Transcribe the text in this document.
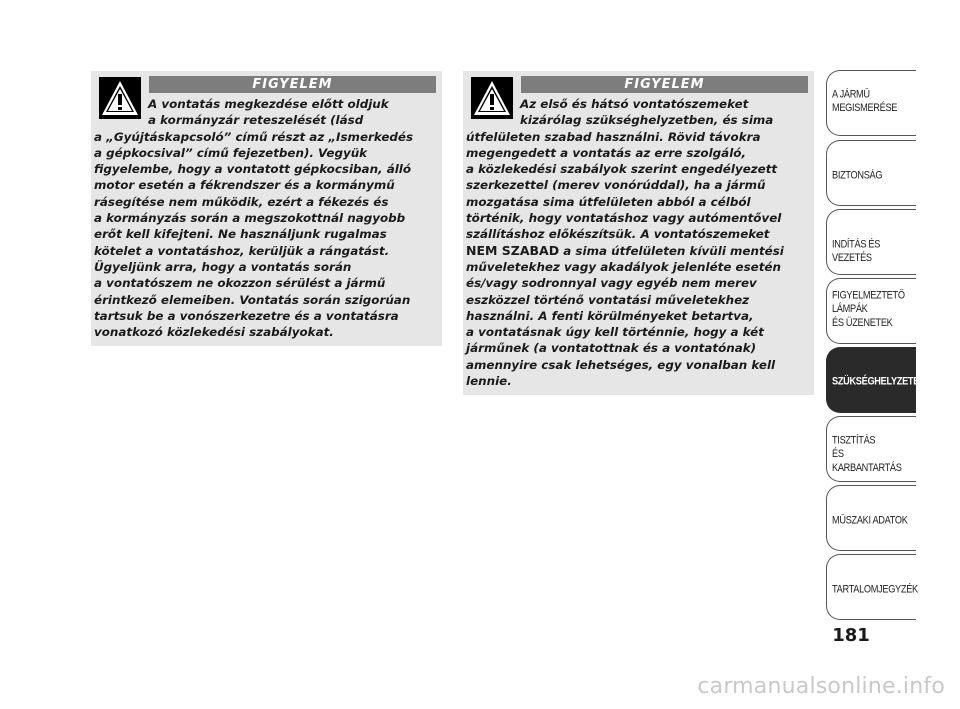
FIGYELEM
A vontatás megkezdése előtt oldjuk
a kormányzár reteszelését (lásd
a „Gyújtáskapcsoló” című részt az „Ismerkedés
a gépkocsival” című fejezetben). Vegyük
figyelembe, hogy a vontatott gépkocsiban, álló
motor esetén a fékrendszer és a kormánymű
rásegítése nem működik, ezért a fékezés és
a kormányzás során a megszokottnál nagyobb
erőt kell kifejteni. Ne használjunk rugalmas
kötelet a vontatáshoz, kerüljük a rángatást.
Ügyeljünk arra, hogy a vontatás során
a vontatószem ne okozzon sérülést a jármű
érintkező elemeiben. Vontatás során szigorúan
tartsuk be a vonószerkezetre és a vontatásra
vonatkozó közlekedési szabályokat.
FIGYELEM
Az első és hátsó vontatószemeket
kizárólag szükséghelyzetben, és sima
útfelületen szabad használni. Rövid távokra
megengedett a vontatás az erre szolgáló,
a közlekedési szabályok szerint engedélyezett
szerkezettel (merev vonórúddal), ha a jármű
mozgatása sima útfelületen abból a célból
történik, hogy vontatáshoz vagy autómentővel
szállításhoz előkészítsük. A vontatószemeket
NEM SZABAD a sima útfelületen kívüli mentési
műveletekhez vagy akadályok jelenléte esetén
és/vagy sodronnyal vagy egyéb nem merev
eszközzel történő vontatási műveletekhez
használni. A fenti körülményeket betartva,
a vontatásnak úgy kell történnie, hogy a két
járműnek (a vontatottnak és a vontatónak)
amennyire csak lehetséges, egy vonalban kell
lennie.
A JÁRMŰ
MEGISMERÉSE
BIZTONSÁG
INDÍTÁS ÉS VEZETÉS
FIGYELMEZTETŐ
LÁMPÁK
ÉS ÜZENETEK
SZÜKSÉGHELYZETBEN
TISZTÍTÁS
ÉS KARBANTARTÁS
MŰSZAKI ADATOK
TARTALOMJEGYZÉK
181
carmanualsonline.info
